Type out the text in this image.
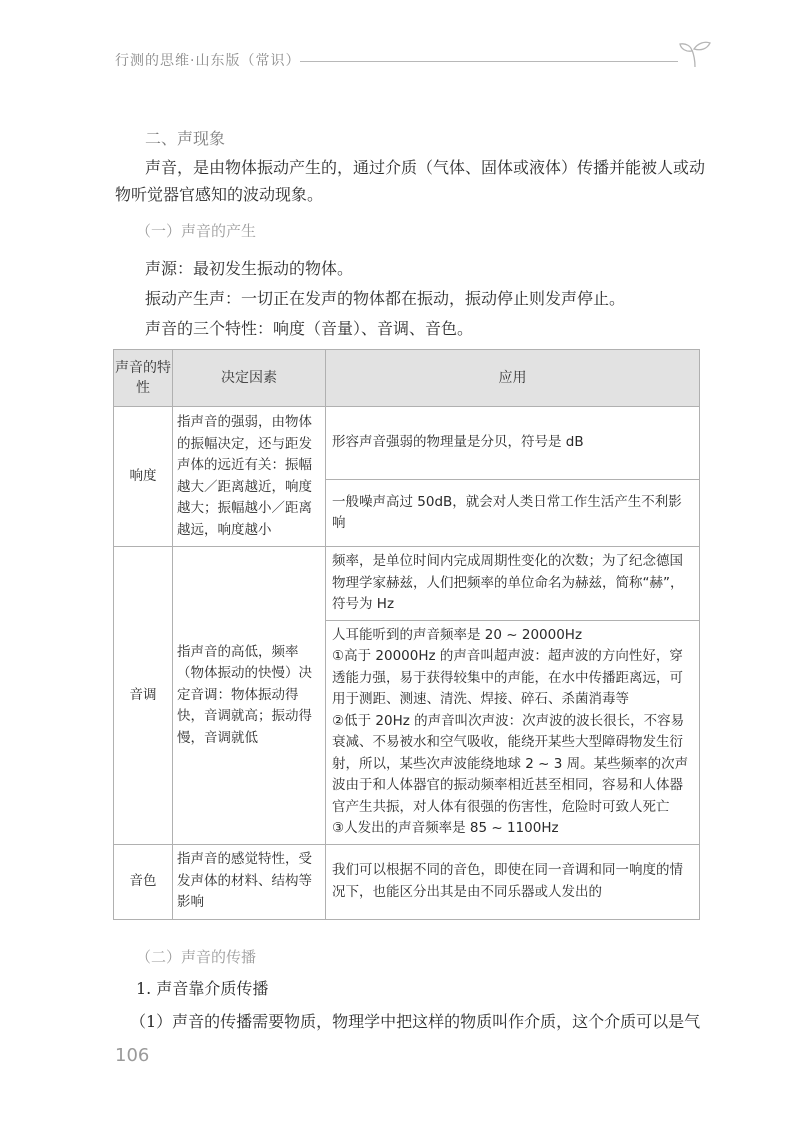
行测的思维·山东版（常识）
二、声现象
声音，是由物体振动产生的，通过介质（气体、固体或液体）传播并能被人或动物听觉器官感知的波动现象。
（一）声音的产生
声源：最初发生振动的物体。
振动产生声：一切正在发声的物体都在振动，振动停止则发声停止。
声音的三个特性：响度（音量）、音调、音色。
声音的特性	决定因素	应用
响度	指声音的强弱，由物体的振幅决定，还与距发声体的远近有关：振幅越大／距离越近，响度越大；振幅越小／距离越远，响度越小	形容声音强弱的物理量是分贝，符号是 dB
		一般噪声高过 50dB，就会对人类日常工作生活产生不利影响
音调	指声音的高低，频率（物体振动的快慢）决定音调：物体振动得快，音调就高；振动得慢，音调就低	频率，是单位时间内完成周期性变化的次数；为了纪念德国物理学家赫兹，人们把频率的单位命名为赫兹，简称“赫”，符号为 Hz

		人耳能听到的声音频率是 20 ~ 20000Hz
①高于 20000Hz 的声音叫超声波：超声波的方向性好，穿透能力强，易于获得较集中的声能，在水中传播距离远，可用于测距、测速、清洗、焊接、碎石、杀菌消毒等
②低于 20Hz 的声音叫次声波：次声波的波长很长，不容易衰减、不易被水和空气吸收，能绕开某些大型障碍物发生衍射，所以，某些次声波能绕地球 2 ~ 3 周。某些频率的次声波由于和人体器官的振动频率相近甚至相同，容易和人体器官产生共振，对人体有很强的伤害性，危险时可致人死亡
③人发出的声音频率是 85 ~ 1100Hz

音色	指声音的感觉特性，受发声体的材料、结构等影响	我们可以根据不同的音色，即使在同一音调和同一响度的情况下，也能区分出其是由不同乐器或人发出的
（二）声音的传播
1. 声音靠介质传播
（1）声音的传播需要物质，物理学中把这样的物质叫作介质，这个介质可以是气
106
